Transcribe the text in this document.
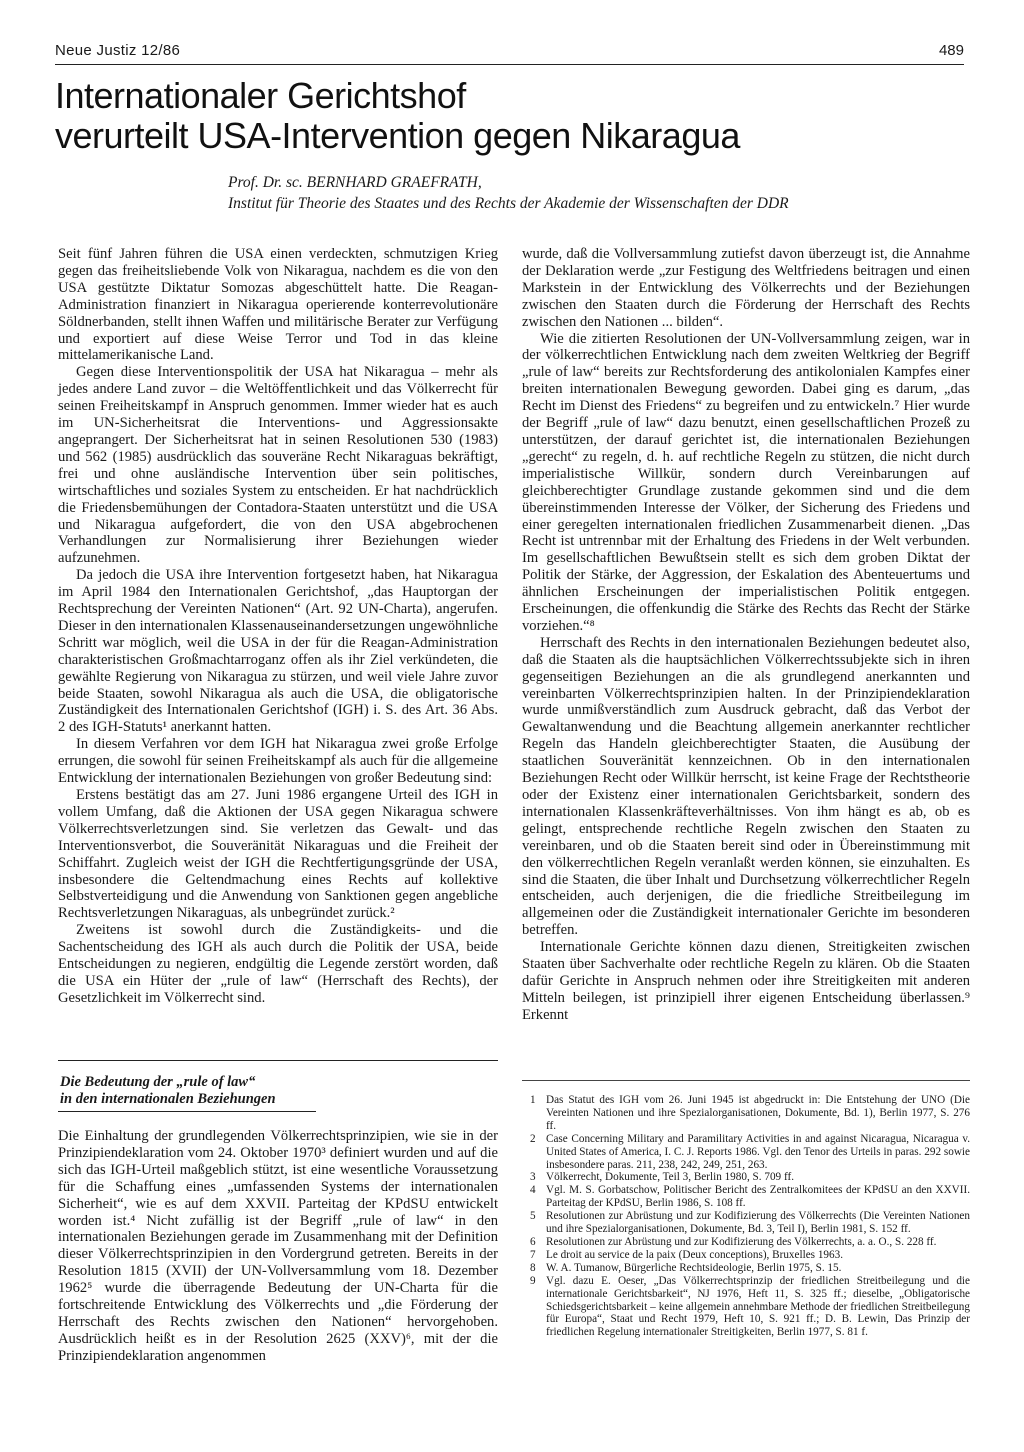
Neue Justiz 12/86	489
Internationaler Gerichtshof
verurteilt USA-Intervention gegen Nikaragua
Prof. Dr. sc. BERNHARD GRAEFRATH,
Institut für Theorie des Staates und des Rechts der Akademie der Wissenschaften der DDR

Seit fünf Jahren führen die USA einen verdeckten, schmutzigen Krieg gegen das freiheitsliebende Volk von Nikaragua, nachdem es die von den USA gestützte Diktatur Somozas abgeschüttelt hatte. Die Reagan-Administration finanziert in Nikaragua operierende konterrevolutionäre Söldnerbanden, stellt ihnen Waffen und militärische Berater zur Verfügung und exportiert auf diese Weise Terror und Tod in das kleine mittelamerikanische Land.

Gegen diese Interventionspolitik der USA hat Nikaragua – mehr als jedes andere Land zuvor – die Weltöffentlichkeit und das Völkerrecht für seinen Freiheitskampf in Anspruch genommen. Immer wieder hat es auch im UN-Sicherheitsrat die Interventions- und Aggressionsakte angeprangert. Der Sicherheitsrat hat in seinen Resolutionen 530 (1983) und 562 (1985) ausdrücklich das souveräne Recht Nikaraguas bekräftigt, frei und ohne ausländische Intervention über sein politisches, wirtschaftliches und soziales System zu entscheiden. Er hat nachdrücklich die Friedensbemühungen der Contadora-Staaten unterstützt und die USA und Nikaragua aufgefordert, die von den USA abgebrochenen Verhandlungen zur Normalisierung ihrer Beziehungen wieder aufzunehmen.

Da jedoch die USA ihre Intervention fortgesetzt haben, hat Nikaragua im April 1984 den Internationalen Gerichtshof, „das Hauptorgan der Rechtsprechung der Vereinten Nationen“ (Art. 92 UN-Charta), angerufen. Dieser in den internationalen Klassenauseinandersetzungen ungewöhnliche Schritt war möglich, weil die USA in der für die Reagan-Administration charakteristischen Großmachtarroganz offen als ihr Ziel verkündeten, die gewählte Regierung von Nikaragua zu stürzen, und weil viele Jahre zuvor beide Staaten, sowohl Nikaragua als auch die USA, die obligatorische Zuständigkeit des Internationalen Gerichtshof (IGH) i. S. des Art. 36 Abs. 2 des IGH-Statuts¹ anerkannt hatten.

In diesem Verfahren vor dem IGH hat Nikaragua zwei große Erfolge errungen, die sowohl für seinen Freiheitskampf als auch für die allgemeine Entwicklung der internationalen Beziehungen von großer Bedeutung sind:

Erstens bestätigt das am 27. Juni 1986 ergangene Urteil des IGH in vollem Umfang, daß die Aktionen der USA gegen Nikaragua schwere Völkerrechtsverletzungen sind. Sie verletzen das Gewalt- und das Interventionsverbot, die Souveränität Nikaraguas und die Freiheit der Schiffahrt. Zugleich weist der IGH die Rechtfertigungsgründe der USA, insbesondere die Geltendmachung eines Rechts auf kollektive Selbstverteidigung und die Anwendung von Sanktionen gegen angebliche Rechtsverletzungen Nikaraguas, als unbegründet zurück.²

Zweitens ist sowohl durch die Zuständigkeits- und die Sachentscheidung des IGH als auch durch die Politik der USA, beide Entscheidungen zu negieren, endgültig die Legende zerstört worden, daß die USA ein Hüter der „rule of law“ (Herrschaft des Rechts), der Gesetzlichkeit im Völkerrecht sind.

Die Bedeutung der „rule of law“
in den internationalen Beziehungen

Die Einhaltung der grundlegenden Völkerrechtsprinzipien, wie sie in der Prinzipiendeklaration vom 24. Oktober 1970³ definiert wurden und auf die sich das IGH-Urteil maßgeblich stützt, ist eine wesentliche Voraussetzung für die Schaffung eines „umfassenden Systems der internationalen Sicherheit“, wie es auf dem XXVII. Parteitag der KPdSU entwickelt worden ist.⁴ Nicht zufällig ist der Begriff „rule of law“ in den internationalen Beziehungen gerade im Zusammenhang mit der Definition dieser Völkerrechtsprinzipien in den Vordergrund getreten. Bereits in der Resolution 1815 (XVII) der UN-Vollversammlung vom 18. Dezember 1962⁵ wurde die überragende Bedeutung der UN-Charta für die fortschreitende Entwicklung des Völkerrechts und „die Förderung der Herrschaft des Rechts zwischen den Nationen“ hervorgehoben. Ausdrücklich heißt es in der Resolution 2625 (XXV)⁶, mit der die Prinzipiendeklaration angenommen

wurde, daß die Vollversammlung zutiefst davon überzeugt ist, die Annahme der Deklaration werde „zur Festigung des Weltfriedens beitragen und einen Markstein in der Entwicklung des Völkerrechts und der Beziehungen zwischen den Staaten durch die Förderung der Herrschaft des Rechts zwischen den Nationen ... bilden“.

Wie die zitierten Resolutionen der UN-Vollversammlung zeigen, war in der völkerrechtlichen Entwicklung nach dem zweiten Weltkrieg der Begriff „rule of law“ bereits zur Rechtsforderung des antikolonialen Kampfes einer breiten internationalen Bewegung geworden. Dabei ging es darum, „das Recht im Dienst des Friedens“ zu begreifen und zu entwickeln.⁷ Hier wurde der Begriff „rule of law“ dazu benutzt, einen gesellschaftlichen Prozeß zu unterstützen, der darauf gerichtet ist, die internationalen Beziehungen „gerecht“ zu regeln, d. h. auf rechtliche Regeln zu stützen, die nicht durch imperialistische Willkür, sondern durch Vereinbarungen auf gleichberechtigter Grundlage zustande gekommen sind und die dem übereinstimmenden Interesse der Völker, der Sicherung des Friedens und einer geregelten internationalen friedlichen Zusammenarbeit dienen. „Das Recht ist untrennbar mit der Erhaltung des Friedens in der Welt verbunden. Im gesellschaftlichen Bewußtsein stellt es sich dem groben Diktat der Politik der Stärke, der Aggression, der Eskalation des Abenteuertums und ähnlichen Erscheinungen der imperialistischen Politik entgegen. Erscheinungen, die offenkundig die Stärke des Rechts das Recht der Stärke vorziehen.“⁸

Herrschaft des Rechts in den internationalen Beziehungen bedeutet also, daß die Staaten als die hauptsächlichen Völkerrechtssubjekte sich in ihren gegenseitigen Beziehungen an die als grundlegend anerkannten und vereinbarten Völkerrechtsprinzipien halten. In der Prinzipiendeklaration wurde unmißverständlich zum Ausdruck gebracht, daß das Verbot der Gewaltanwendung und die Beachtung allgemein anerkannter rechtlicher Regeln das Handeln gleichberechtigter Staaten, die Ausübung der staatlichen Souveränität kennzeichnen. Ob in den internationalen Beziehungen Recht oder Willkür herrscht, ist keine Frage der Rechtstheorie oder der Existenz einer internationalen Gerichtsbarkeit, sondern des internationalen Klassenkräfteverhältnisses. Von ihm hängt es ab, ob es gelingt, entsprechende rechtliche Regeln zwischen den Staaten zu vereinbaren, und ob die Staaten bereit sind oder in Übereinstimmung mit den völkerrechtlichen Regeln veranlaßt werden können, sie einzuhalten. Es sind die Staaten, die über Inhalt und Durchsetzung völkerrechtlicher Regeln entscheiden, auch derjenigen, die die friedliche Streitbeilegung im allgemeinen oder die Zuständigkeit internationaler Gerichte im besonderen betreffen.

Internationale Gerichte können dazu dienen, Streitigkeiten zwischen Staaten über Sachverhalte oder rechtliche Regeln zu klären. Ob die Staaten dafür Gerichte in Anspruch nehmen oder ihre Streitigkeiten mit anderen Mitteln beilegen, ist prinzipiell ihrer eigenen Entscheidung überlassen.⁹ Erkennt

1 Das Statut des IGH vom 26. Juni 1945 ist abgedruckt in: Die Entstehung der UNO (Die Vereinten Nationen und ihre Spezialorganisationen, Dokumente, Bd. 1), Berlin 1977, S. 276 ff.
2 Case Concerning Military and Paramilitary Activities in and against Nicaragua, Nicaragua v. United States of America, I. C. J. Reports 1986. Vgl. den Tenor des Urteils in paras. 292 sowie insbesondere paras. 211, 238, 242, 249, 251, 263.
3 Völkerrecht, Dokumente, Teil 3, Berlin 1980, S. 709 ff.
4 Vgl. M. S. Gorbatschow, Politischer Bericht des Zentralkomitees der KPdSU an den XXVII. Parteitag der KPdSU, Berlin 1986, S. 108 ff.
5 Resolutionen zur Abrüstung und zur Kodifizierung des Völkerrechts (Die Vereinten Nationen und ihre Spezialorganisationen, Dokumente, Bd. 3, Teil I), Berlin 1981, S. 152 ff.
6 Resolutionen zur Abrüstung und zur Kodifizierung des Völkerrechts, a. a. O., S. 228 ff.
7 Le droit au service de la paix (Deux conceptions), Bruxelles 1963.
8 W. A. Tumanow, Bürgerliche Rechtsideologie, Berlin 1975, S. 15.
9 Vgl. dazu E. Oeser, „Das Völkerrechtsprinzip der friedlichen Streitbeilegung und die internationale Gerichtsbarkeit“, NJ 1976, Heft 11, S. 325 ff.; dieselbe, „Obligatorische Schiedsgerichtsbarkeit – keine allgemein annehmbare Methode der friedlichen Streitbeilegung für Europa“, Staat und Recht 1979, Heft 10, S. 921 ff.; D. B. Lewin, Das Prinzip der friedlichen Regelung internationaler Streitigkeiten, Berlin 1977, S. 81 f.
